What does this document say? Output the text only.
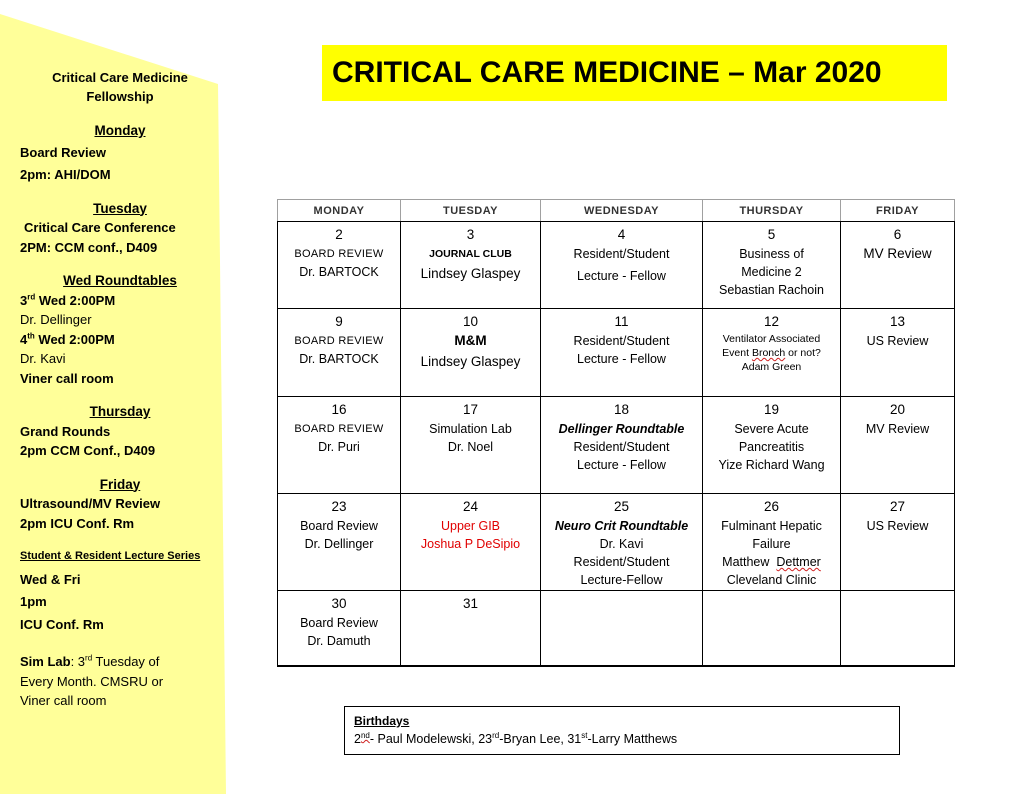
Critical Care Medicine
Fellowship
Monday
Board Review
2pm: AHI/DOM
Tuesday
Critical Care Conference
2PM: CCM conf., D409
Wed Roundtables
3rd Wed 2:00PM
Dr. Dellinger
4th Wed 2:00PM
Dr. Kavi
Viner call room
Thursday
Grand Rounds
2pm CCM Conf., D409
Friday
Ultrasound/MV Review
2pm ICU Conf. Rm
Student & Resident Lecture Series
Wed & Fri
1pm
ICU Conf. Rm
Sim Lab: 3rd Tuesday of
Every Month. CMSRU or
Viner call room
CRITICAL CARE MEDICINE – Mar 2020
MONDAY	TUESDAY	WEDNESDAY	THURSDAY	FRIDAY

2
BOARD REVIEW
Dr. BARTOCK	3
JOURNAL CLUB
Lindsey Glaspey	4
Resident/Student
Lecture - Fellow	5
Business of
Medicine 2
Sebastian Rachoin	6
MV Review

9
BOARD REVIEW
Dr. BARTOCK	10
M&M
Lindsey Glaspey	11
Resident/Student
Lecture - Fellow	12
Ventilator Associated
Event Bronch or not?
Adam Green	13
US Review

16
BOARD REVIEW
Dr. Puri	17
Simulation Lab
Dr. Noel	18
Dellinger Roundtable
Resident/Student
Lecture - Fellow	19
Severe Acute
Pancreatitis
Yize Richard Wang	20
MV Review

23
Board Review
Dr. Dellinger	24
Upper GIB
Joshua P DeSipio	25
Neuro Crit Roundtable
Dr. Kavi
Resident/Student
Lecture-Fellow	26
Fulminant Hepatic
Failure
Matthew  Dettmer
Cleveland Clinic	27
US Review

30
Board Review
Dr. Damuth	31			

Birthdays
2nd- Paul Modelewski, 23rd-Bryan Lee, 31st-Larry Matthews
